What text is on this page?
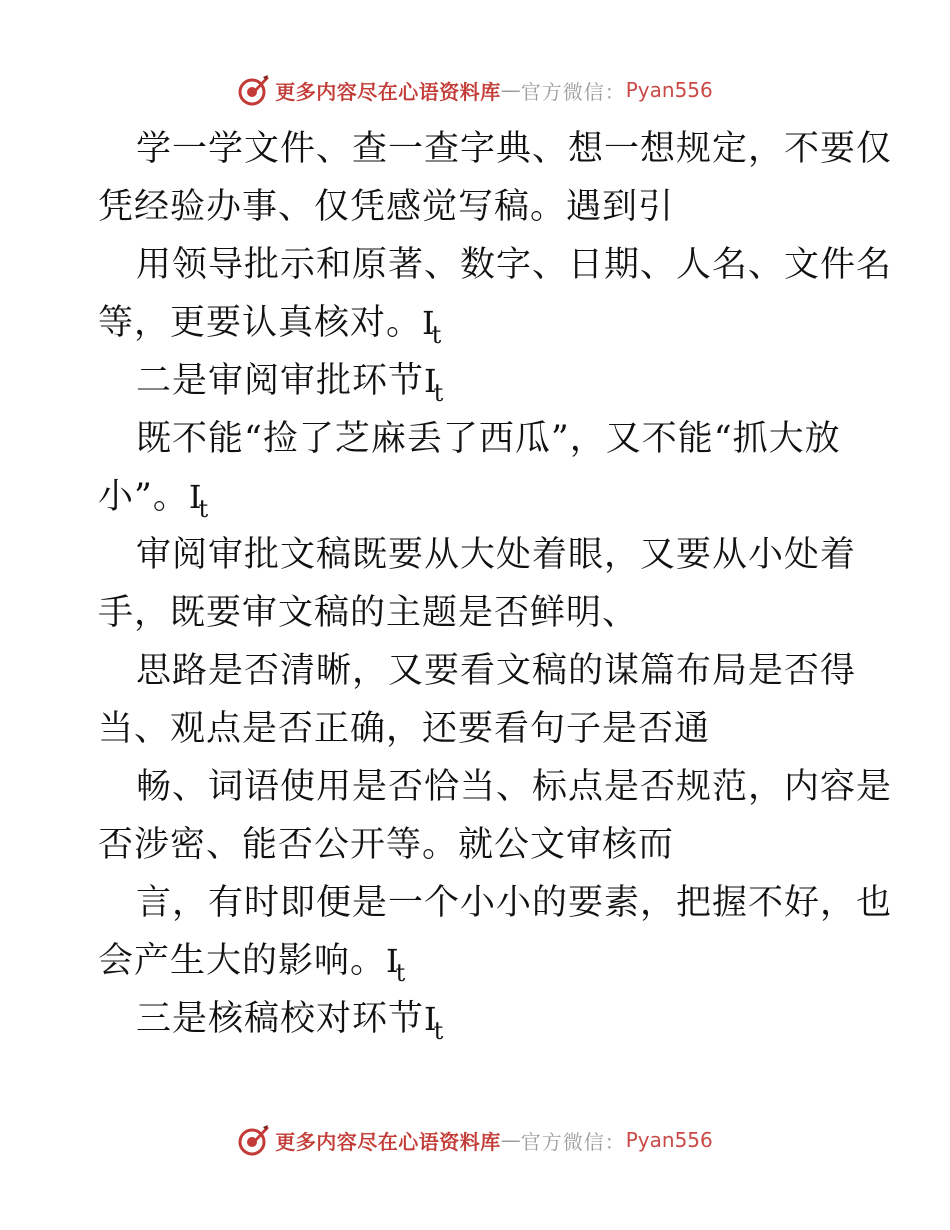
更多内容尽在心语资料库 — 官方微信： Pyan556
学一学文件、查一查字典、想一想规定，不要仅
凭经验办事、仅凭感觉写稿。遇到引
用领导批示和原著、数字、日期、人名、文件名
等，更要认真核对。$I_t$
二是审阅审批环节$I_t$
既不能“捡了芝麻丢了西瓜”，又不能“抓大放
小”。$I_t$
审阅审批文稿既要从大处着眼，又要从小处着
手，既要审文稿的主题是否鲜明、
思路是否清晰，又要看文稿的谋篇布局是否得
当、观点是否正确，还要看句子是否通
畅、词语使用是否恰当、标点是否规范，内容是
否涉密、能否公开等。就公文审核而
言，有时即便是一个小小的要素，把握不好，也
会产生大的影响。$I_t$
三是核稿校对环节$I_t$
更多内容尽在心语资料库 — 官方微信： Pyan556
